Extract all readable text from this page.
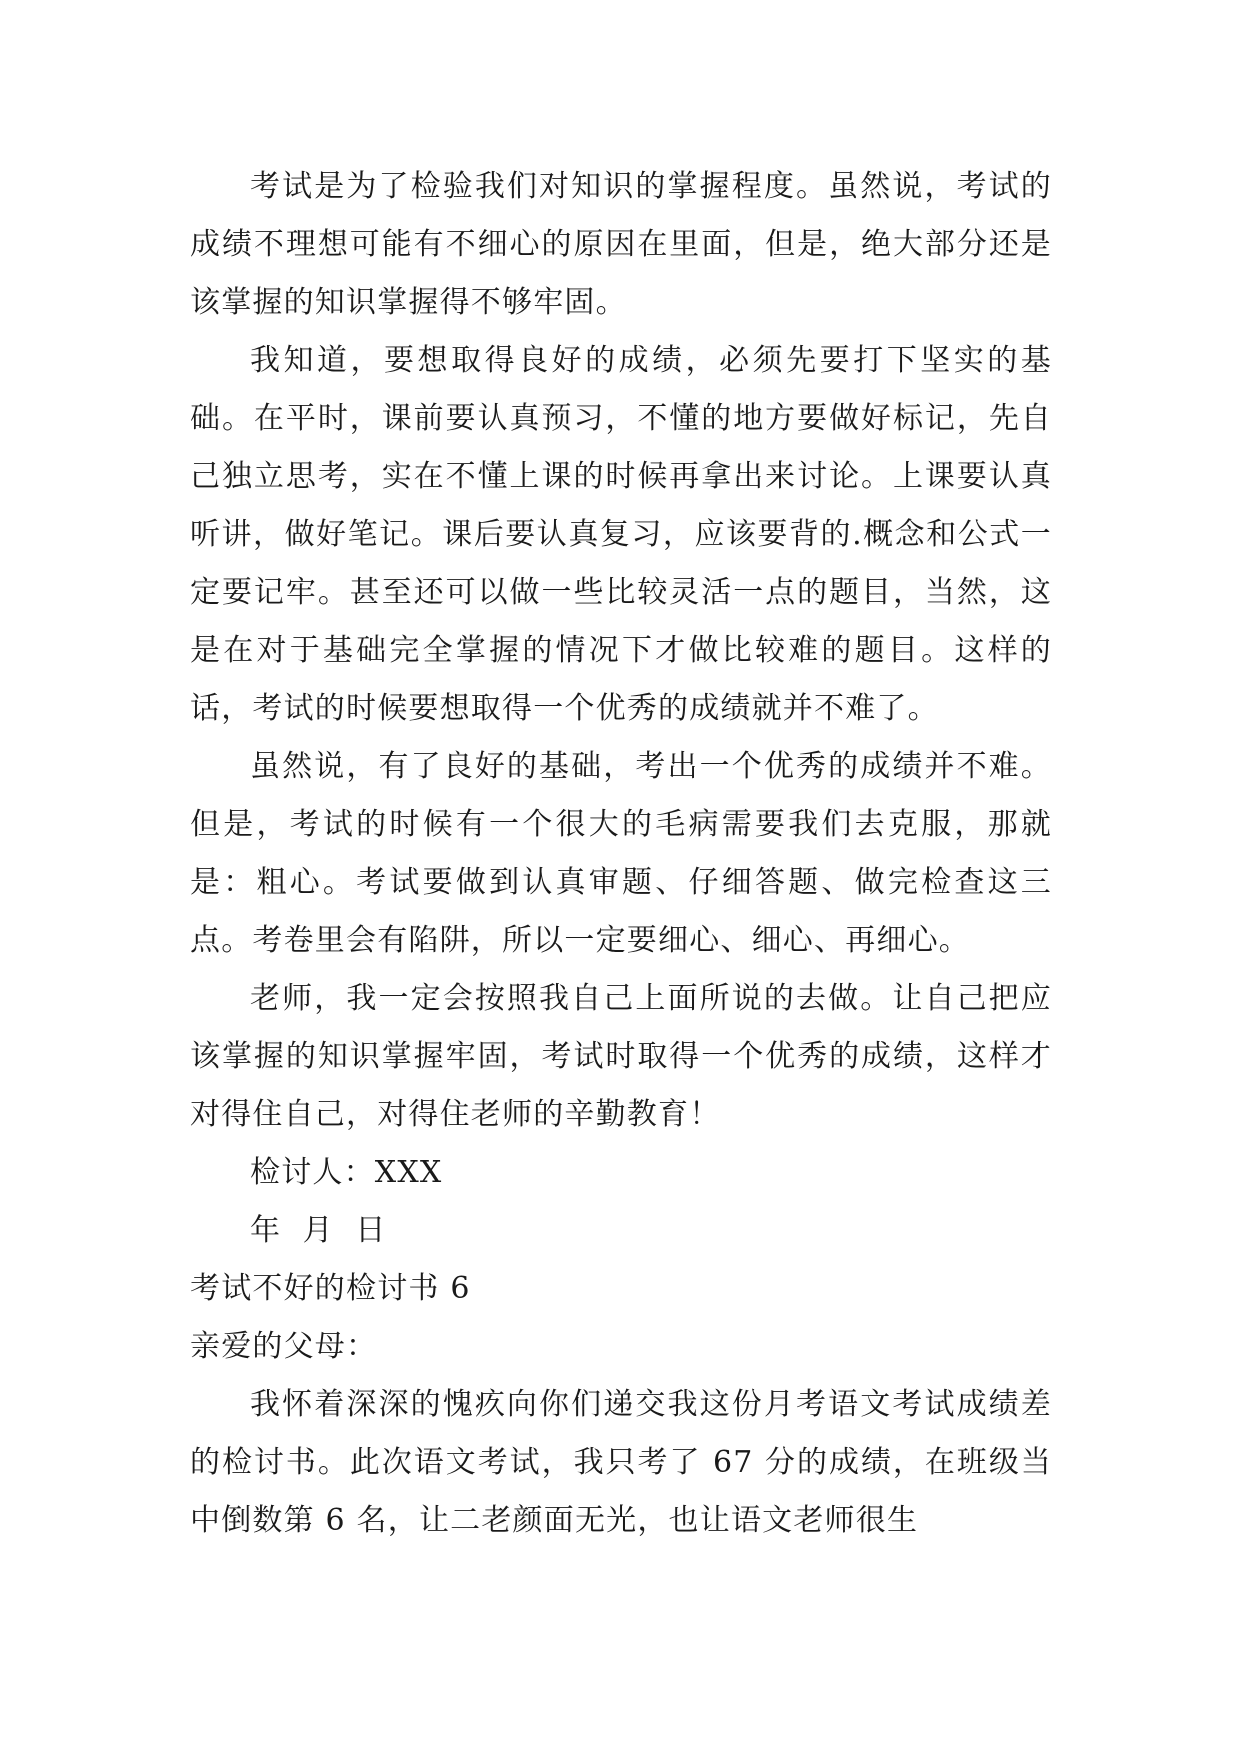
考试是为了检验我们对知识的掌握程度。虽然说，考试的成绩不理想可能有不细心的原因在里面，但是，绝大部分还是该掌握的知识掌握得不够牢固。

我知道，要想取得良好的成绩，必须先要打下坚实的基础。在平时，课前要认真预习，不懂的地方要做好标记，先自己独立思考，实在不懂上课的时候再拿出来讨论。上课要认真听讲，做好笔记。课后要认真复习，应该要背的.概念和公式一定要记牢。甚至还可以做一些比较灵活一点的题目，当然，这是在对于基础完全掌握的情况下才做比较难的题目。这样的话，考试的时候要想取得一个优秀的成绩就并不难了。

虽然说，有了良好的基础，考出一个优秀的成绩并不难。但是，考试的时候有一个很大的毛病需要我们去克服，那就是：粗心。考试要做到认真审题、仔细答题、做完检查这三点。考卷里会有陷阱，所以一定要细心、细心、再细心。

老师，我一定会按照我自己上面所说的去做。让自己把应该掌握的知识掌握牢固，考试时取得一个优秀的成绩，这样才对得住自己，对得住老师的辛勤教育！

检讨人：XXX

年  月  日

考试不好的检讨书 6

亲爱的父母：

我怀着深深的愧疚向你们递交我这份月考语文考试成绩差的检讨书。此次语文考试，我只考了 67 分的成绩，在班级当中倒数第 6 名，让二老颜面无光，也让语文老师很生
